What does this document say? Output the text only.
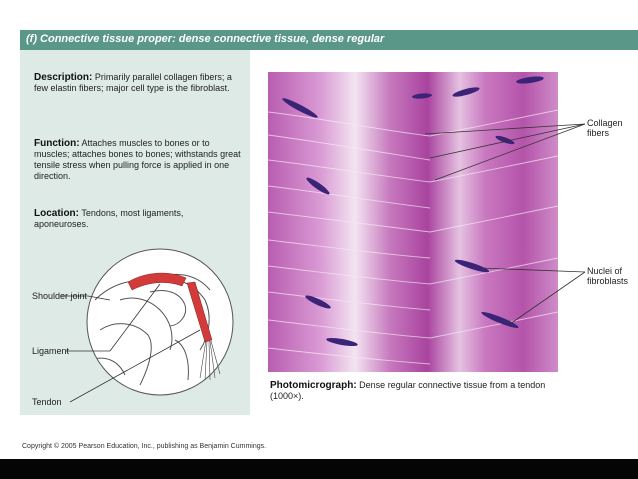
(f) Connective tissue proper: dense connective tissue, dense regular
Description: Primarily parallel collagen fibers; a few elastin fibers; major cell type is the fibroblast.
Function: Attaches muscles to bones or to muscles; attaches bones to bones; withstands great tensile stress when pulling force is applied in one direction.
Location: Tendons, most ligaments, aponeuroses.
Shoulder joint
Ligament
Tendon
Collagen fibers
Nuclei of fibroblasts
Photomicrograph: Dense regular connective tissue from a tendon (1000×).
Copyright © 2005 Pearson Education, Inc., publishing as Benjamin Cummings.
